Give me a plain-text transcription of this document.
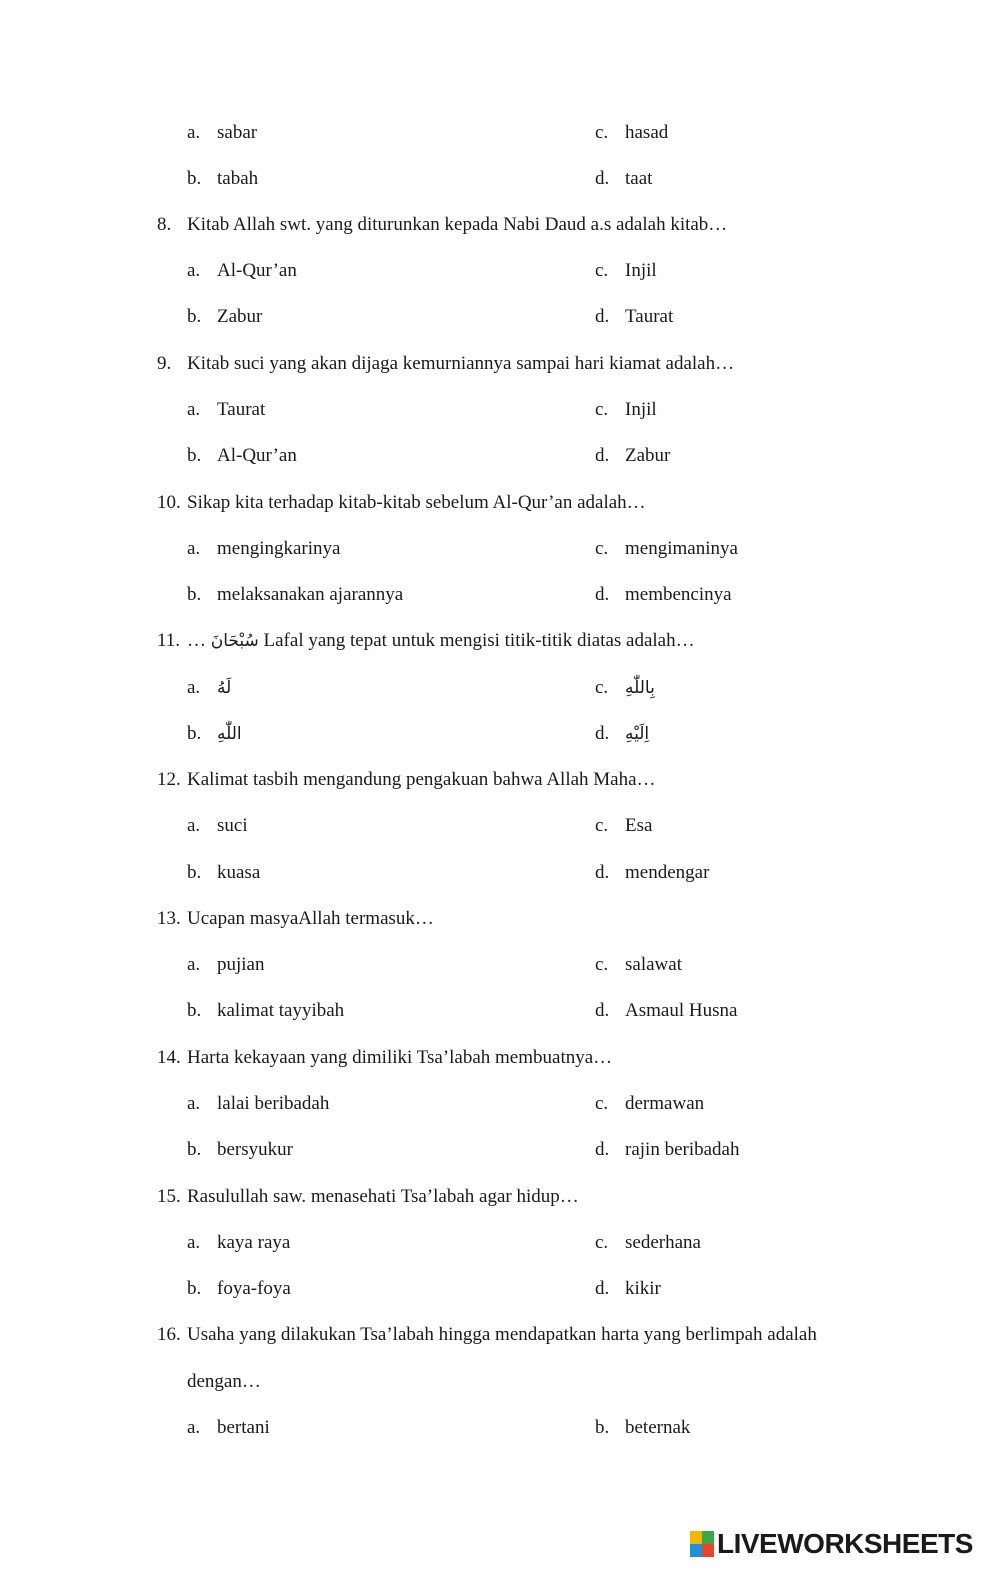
a. sabar	c. hasad
b. tabah	d. taat
8. Kitab Allah swt. yang diturunkan kepada Nabi Daud a.s adalah kitab…
a. Al-Qur’an	c. Injil
b. Zabur	d. Taurat
9. Kitab suci yang akan dijaga kemurniannya sampai hari kiamat adalah…
a. Taurat	c. Injil
b. Al-Qur’an	d. Zabur
10. Sikap kita terhadap kitab-kitab sebelum Al-Qur’an adalah…
a. mengingkarinya	c. mengimaninya
b. melaksanakan ajarannya	d. membencinya
11. … سُبْحَانَ Lafal yang tepat untuk mengisi titik-titik diatas adalah…
a. لَهُ	c. بِاللّٰهِ
b. اللّٰهِ	d. اِلَيْهِ
12. Kalimat tasbih mengandung pengakuan bahwa Allah Maha…
a. suci	c. Esa
b. kuasa	d. mendengar
13. Ucapan masyaAllah termasuk…
a. pujian	c. salawat
b. kalimat tayyibah	d. Asmaul Husna
14. Harta kekayaan yang dimiliki Tsa’labah membuatnya…
a. lalai beribadah	c. dermawan
b. bersyukur	d. rajin beribadah
15. Rasulullah saw. menasehati Tsa’labah agar hidup…
a. kaya raya	c. sederhana
b. foya-foya	d. kikir
16. Usaha yang dilakukan Tsa’labah hingga mendapatkan harta yang berlimpah adalah
dengan…
a. bertani	b. beternak
LIVEWORKSHEETS
